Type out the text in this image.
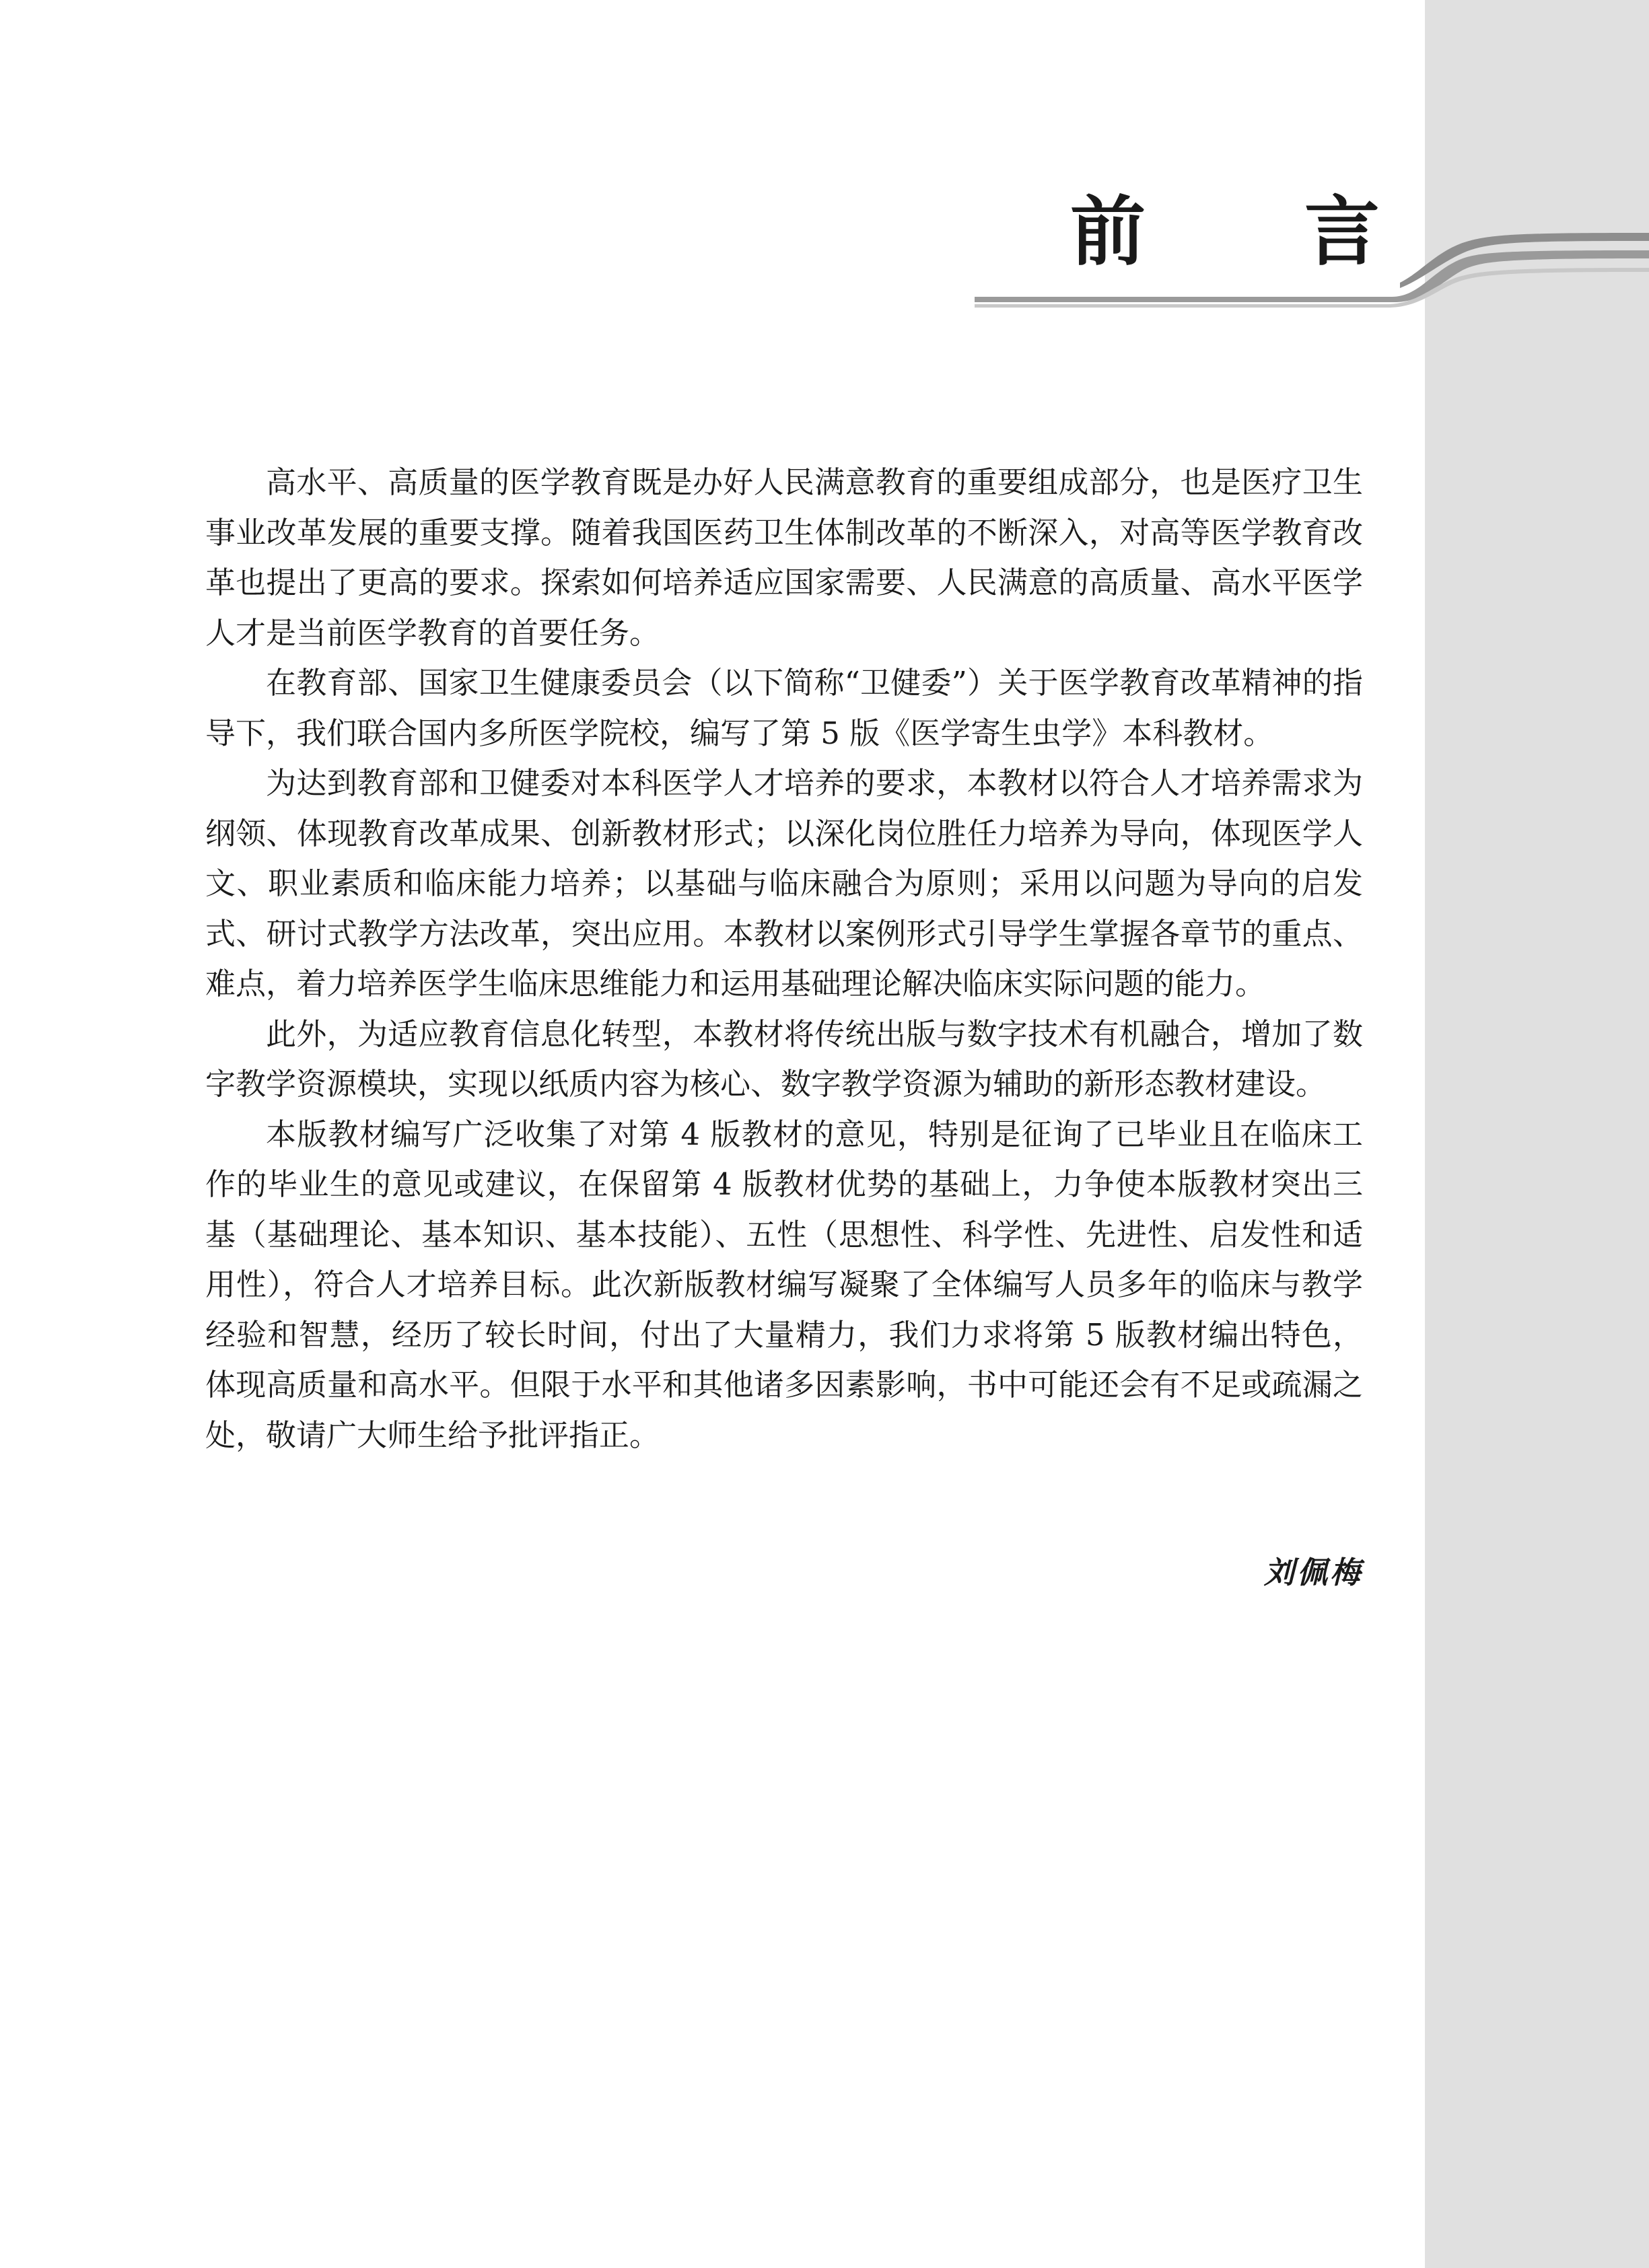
前 言

高水平、高质量的医学教育既是办好人民满意教育的重要组成部分，也是医疗卫生事业改革发展的重要支撑。随着我国医药卫生体制改革的不断深入，对高等医学教育改革也提出了更高的要求。探索如何培养适应国家需要、人民满意的高质量、高水平医学人才是当前医学教育的首要任务。

在教育部、国家卫生健康委员会（以下简称“卫健委”）关于医学教育改革精神的指导下，我们联合国内多所医学院校，编写了第 5 版《医学寄生虫学》本科教材。

为达到教育部和卫健委对本科医学人才培养的要求，本教材以符合人才培养需求为纲领、体现教育改革成果、创新教材形式；以深化岗位胜任力培养为导向，体现医学人文、职业素质和临床能力培养；以基础与临床融合为原则；采用以问题为导向的启发式、研讨式教学方法改革，突出应用。本教材以案例形式引导学生掌握各章节的重点、难点，着力培养医学生临床思维能力和运用基础理论解决临床实际问题的能力。

此外，为适应教育信息化转型，本教材将传统出版与数字技术有机融合，增加了数字教学资源模块，实现以纸质内容为核心、数字教学资源为辅助的新形态教材建设。

本版教材编写广泛收集了对第 4 版教材的意见，特别是征询了已毕业且在临床工作的毕业生的意见或建议，在保留第 4 版教材优势的基础上，力争使本版教材突出三基（基础理论、基本知识、基本技能）、五性（思想性、科学性、先进性、启发性和适用性），符合人才培养目标。此次新版教材编写凝聚了全体编写人员多年的临床与教学经验和智慧，经历了较长时间，付出了大量精力，我们力求将第 5 版教材编出特色，体现高质量和高水平。但限于水平和其他诸多因素影响，书中可能还会有不足或疏漏之处，敬请广大师生给予批评指正。

刘佩梅
